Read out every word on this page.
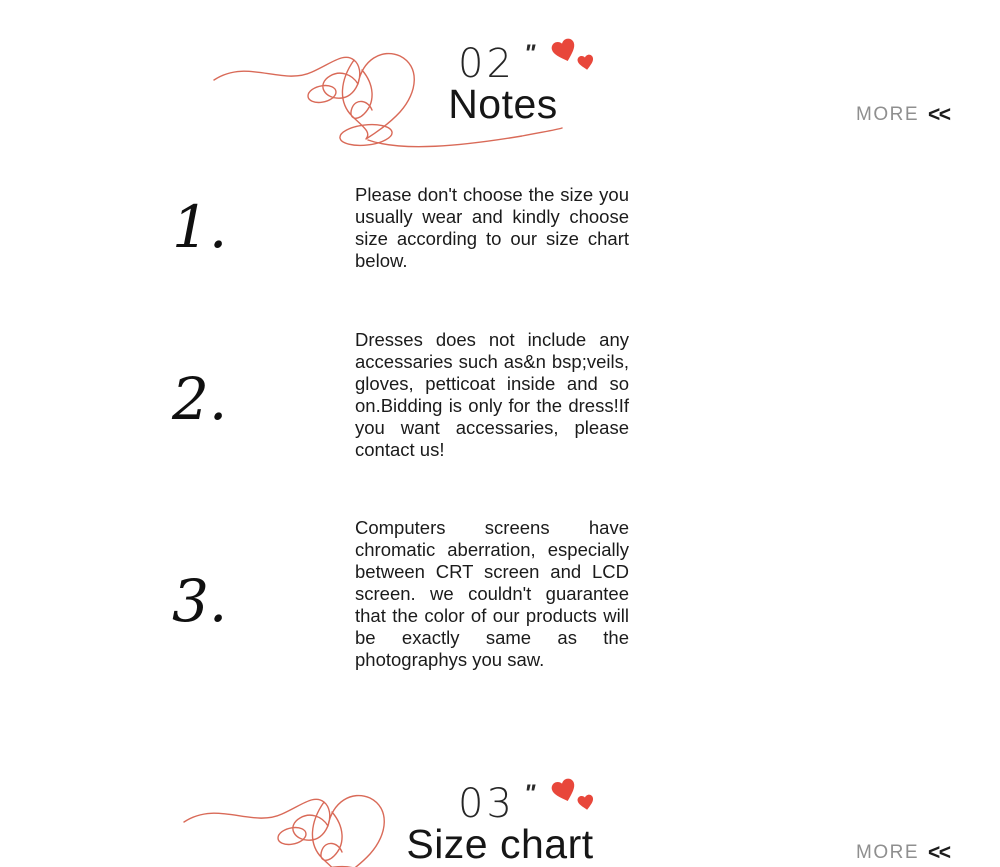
02 "
Notes	MORE <<
1.	Please don't choose the size you usually wear and kindly choose size according to our size chart below.

2.

Dresses does not include any accessaries such as&n bsp;veils, gloves, petticoat inside and so on.Bidding is only for the dress!If you want accessaries, please contact us!

3.

Computers screens have chromatic aberration, especially between CRT screen and LCD screen. we couldn't guarantee that the color of our products will be exactly same as the photographys you saw.

03 "
Size chart	MORE <<
